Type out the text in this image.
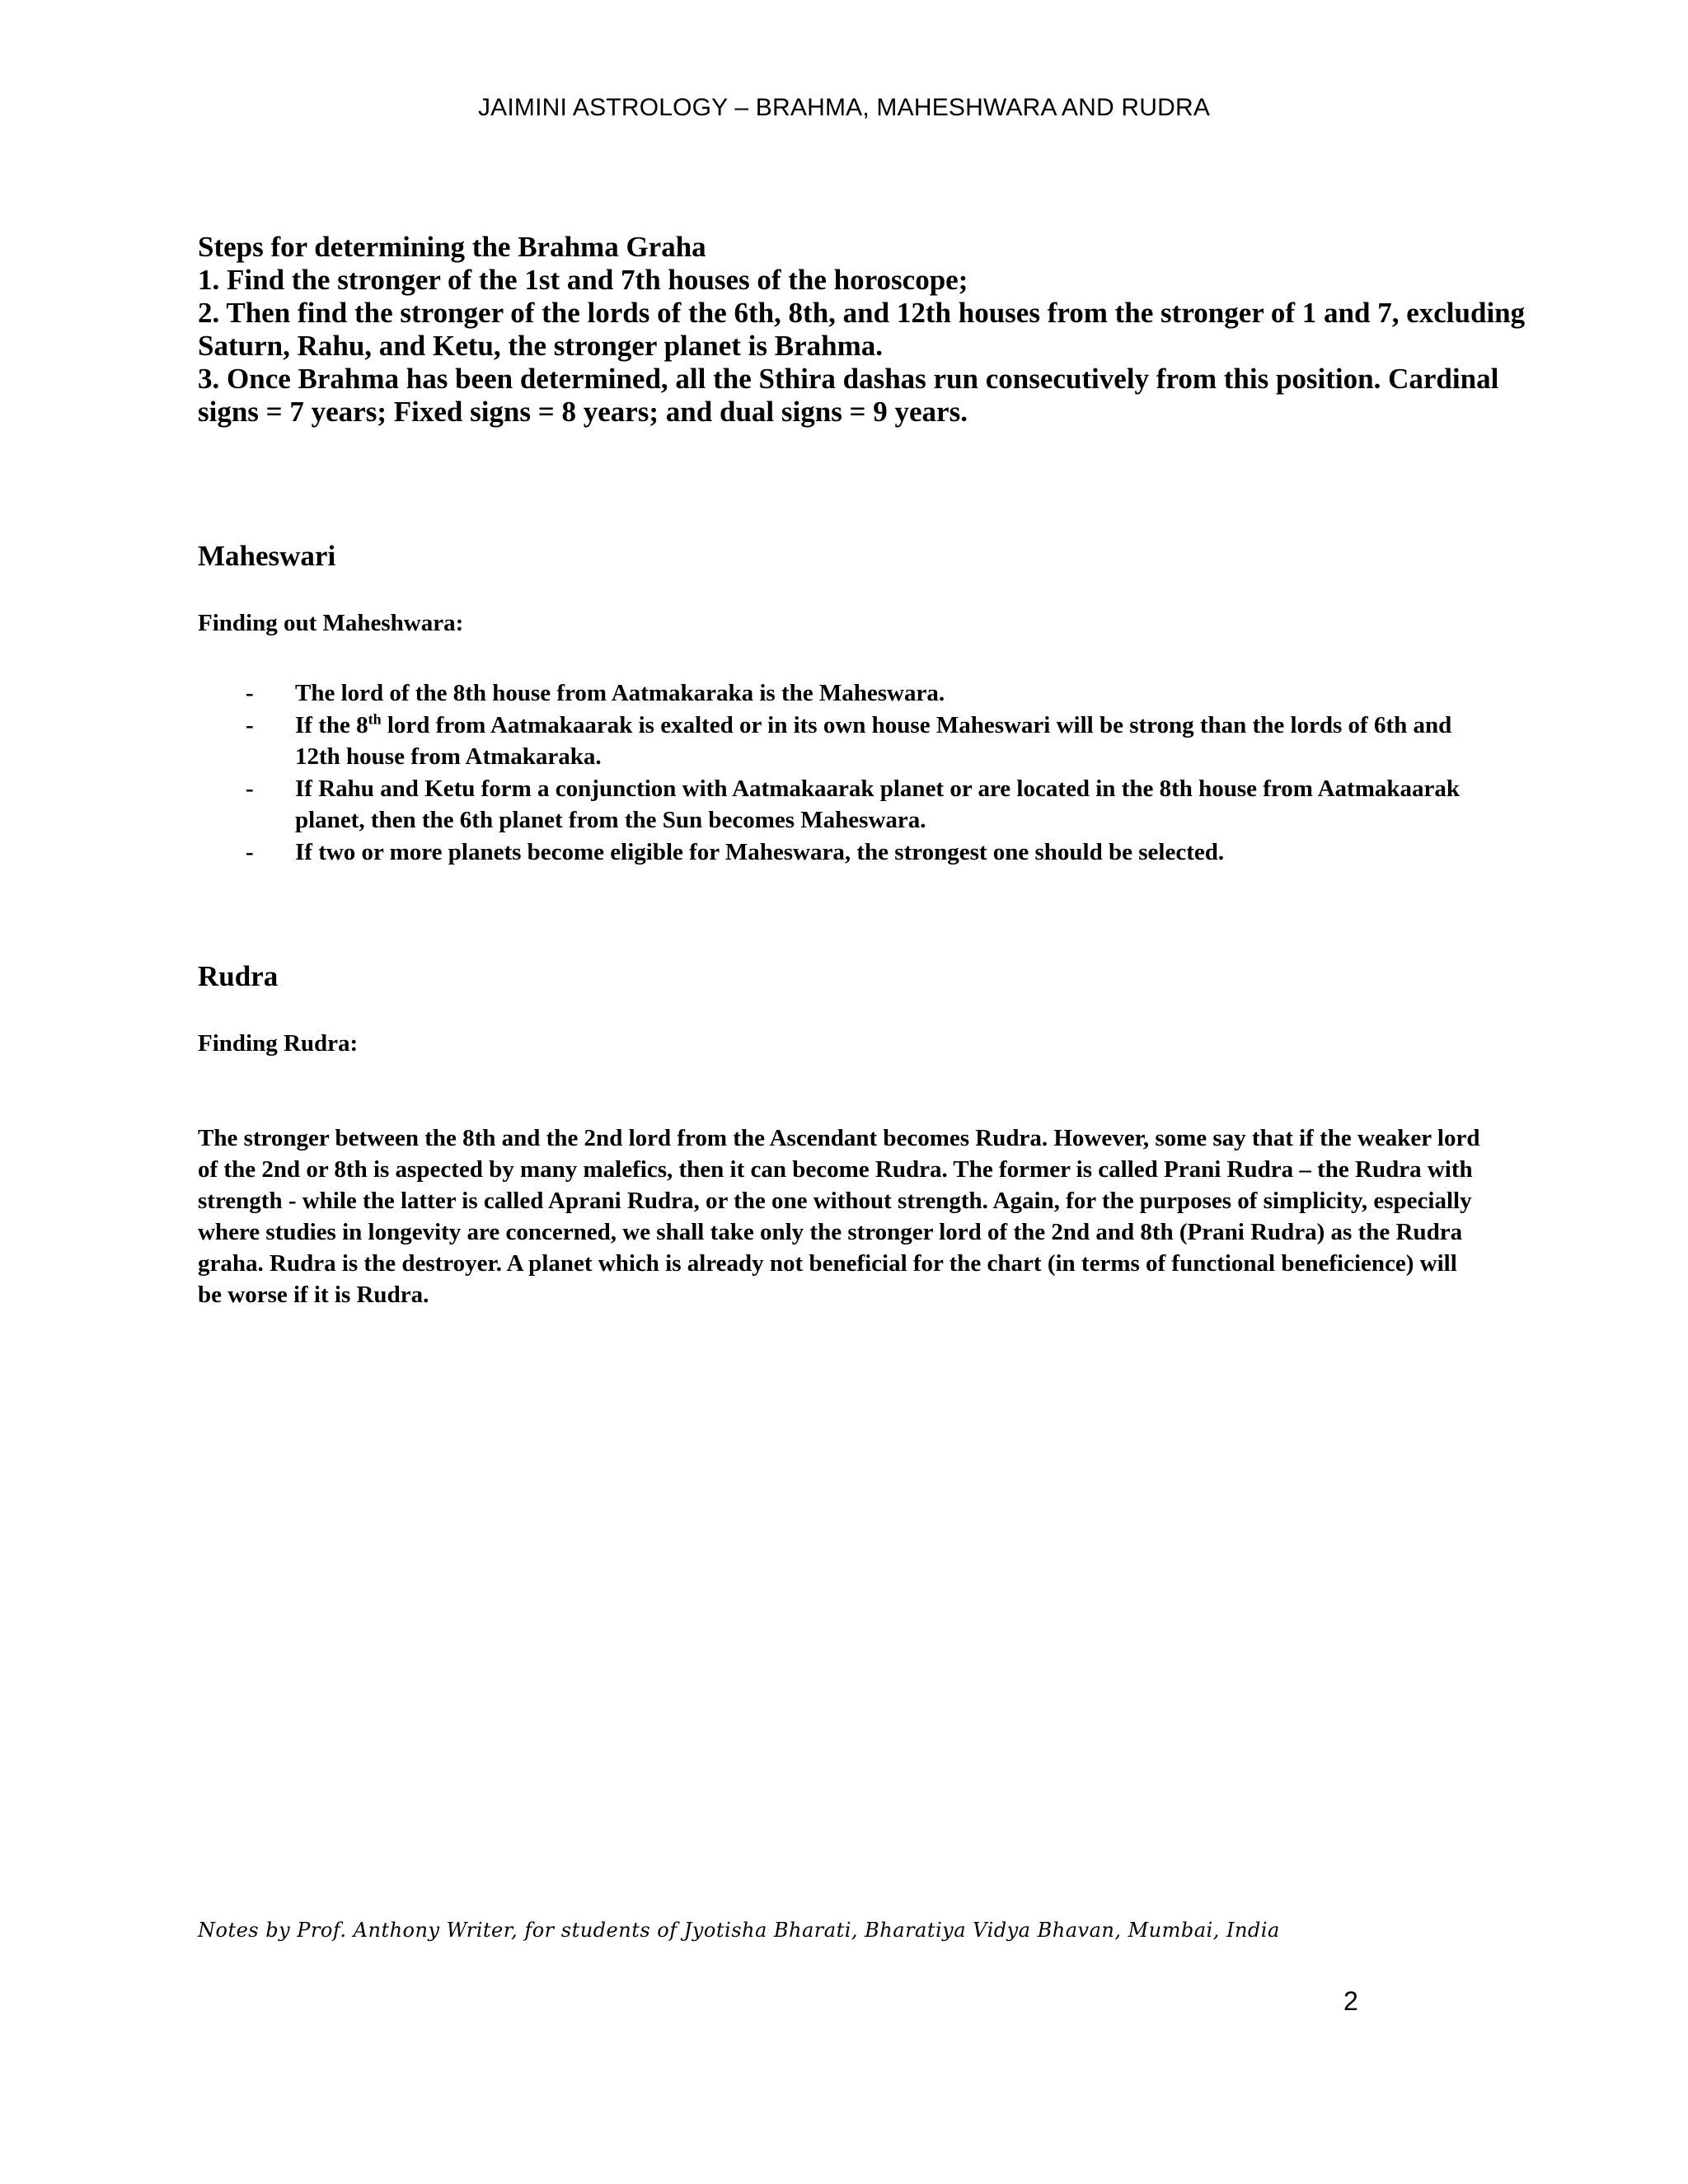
JAIMINI ASTROLOGY – BRAHMA, MAHESHWARA AND RUDRA

Steps for determining the Brahma Graha

1. Find the stronger of the 1st and 7th houses of the horoscope;

2. Then find the stronger of the lords of the 6th, 8th, and 12th houses from the stronger of 1 and 7, excluding Saturn, Rahu, and Ketu, the stronger planet is Brahma.

3. Once Brahma has been determined, all the Sthira dashas run consecutively from this position. Cardinal signs = 7 years; Fixed signs = 8 years; and dual signs = 9 years.

Maheswari
Finding out Maheshwara:
- The lord of the 8th house from Aatmakaraka is the Maheswara.
- If the 8th lord from Aatmakaarak is exalted or in its own house Maheswari will be strong than the lords of 6th and 12th house from Atmakaraka.
- If Rahu and Ketu form a conjunction with Aatmakaarak planet or are located in the 8th house from Aatmakaarak planet, then the 6th planet from the Sun becomes Maheswara.
- If two or more planets become eligible for Maheswara, the strongest one should be selected.
Rudra
Finding Rudra:

The stronger between the 8th and the 2nd lord from the Ascendant becomes Rudra. However, some say that if the weaker lord of the 2nd or 8th is aspected by many malefics, then it can become Rudra. The former is called Prani Rudra – the Rudra with strength - while the latter is called Aprani Rudra, or the one without strength. Again, for the purposes of simplicity, especially where studies in longevity are concerned, we shall take only the stronger lord of the 2nd and 8th (Prani Rudra) as the Rudra graha. Rudra is the destroyer. A planet which is already not beneficial for the chart (in terms of functional beneficience) will be worse if it is Rudra.

Notes by Prof. Anthony Writer, for students of Jyotisha Bharati, Bharatiya Vidya Bhavan, Mumbai, India
2
